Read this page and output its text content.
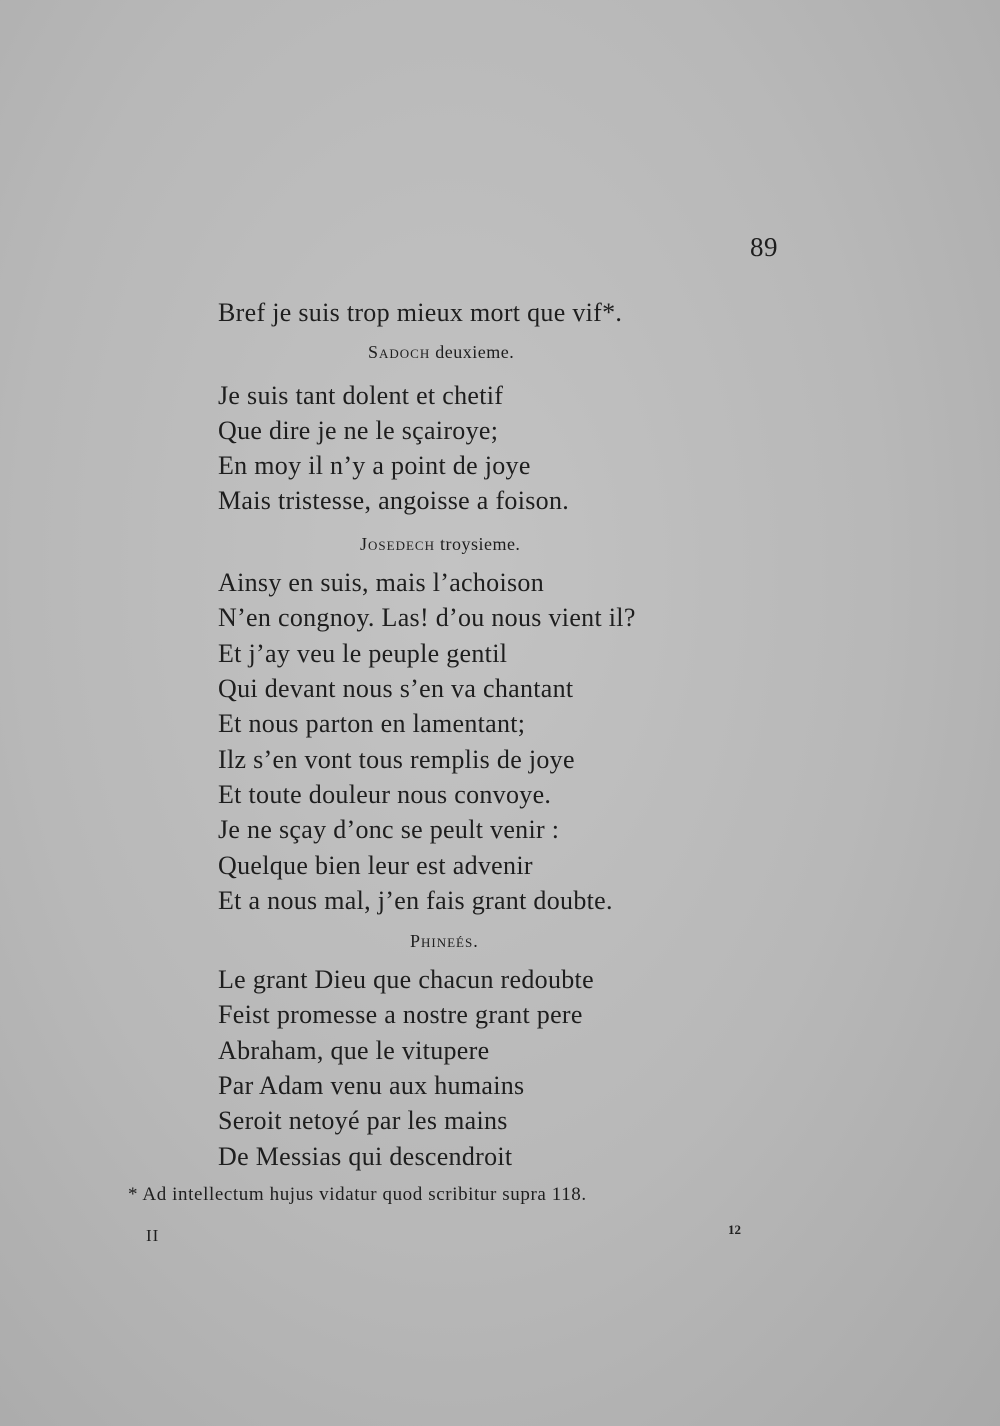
89
Bref je suis trop mieux mort que vif*.
Sadoch deuxieme.
Je suis tant dolent et chetif
Que dire je ne le sçairoye;
En moy il n’y a point de joye
Mais tristesse, angoisse a foison.
Josedech troysieme.
Ainsy en suis, mais l’achoison
N’en congnoy. Las! d’ou nous vient il?
Et j’ay veu le peuple gentil
Qui devant nous s’en va chantant
Et nous parton en lamentant;
Ilz s’en vont tous remplis de joye
Et toute douleur nous convoye.
Je ne sçay d’onc se peult venir :
Quelque bien leur est advenir
Et a nous mal, j’en fais grant doubte.
Phineés.
Le grant Dieu que chacun redoubte
Feist promesse a nostre grant pere
Abraham, que le vitupere
Par Adam venu aux humains
Seroit netoyé par les mains
De Messias qui descendroit
* Ad intellectum hujus vidatur quod scribitur supra 118.
II	12
